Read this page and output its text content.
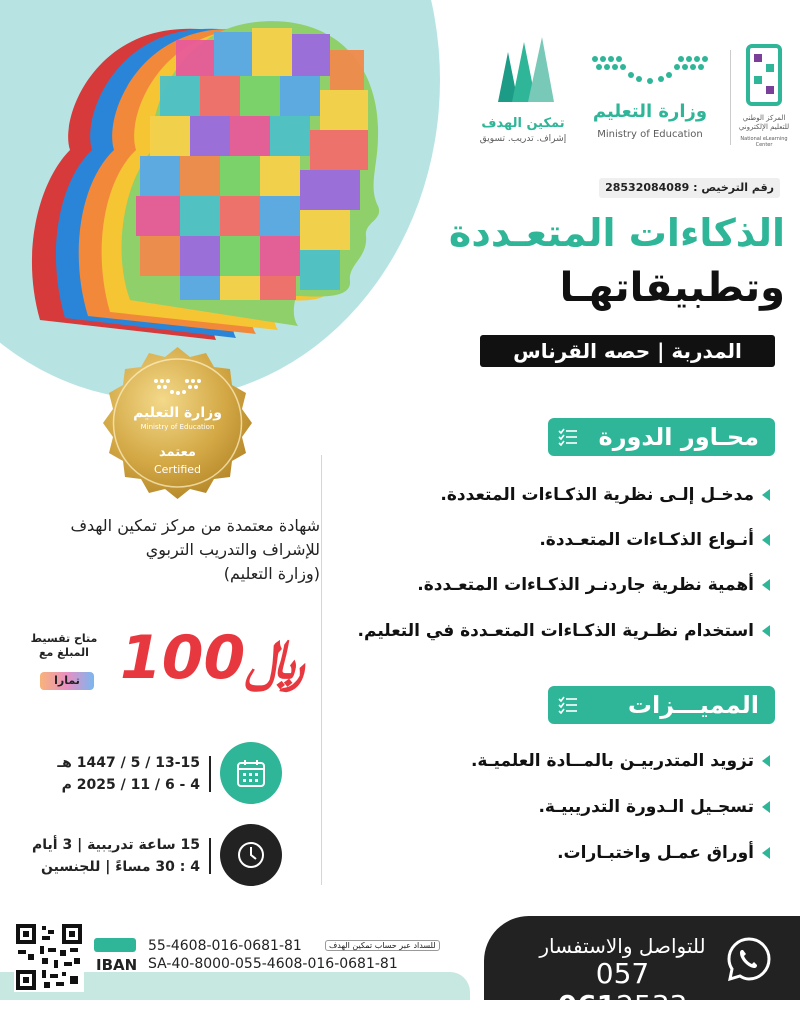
تمكين الهدف
إشراف. تدريب. تسويق
وزارة التعليم
Ministry of Education
المركز الوطني للتعليم الإلكتروني
National eLearning Center
رقم الترخيص : 28532084089
الذكاءات المتعـددة
وتطبيقاتهـا
المدربة | حصه القرناس
محـاور الدورة
مدخـل إلـى نظرية الذكـاءات المتعددة.
أنـواع الذكـاءات المتعـددة.
أهمية نظرية جاردنـر الذكـاءات المتعـددة.
استخدام نظـرية الذكـاءات المتعـددة في التعليم.
المميـــزات
تزويد المتدربيـن بالمــادة العلميـة.
تسجـيل الـدورة التدريبيـة.
أوراق عمـل واختبـارات.
وزارة التعليم
Ministry of Education
معتمد
Certified
شهادة معتمدة من مركز تمكين الهدف
للإشراف والتدريب التربوي
(وزارة التعليم)
﷼100
متاح تقسيط
المبلغ مع
تمارا
13-15 / 5 / 1447 هـ
4 - 6 / 11 / 2025 م
15 ساعة تدريبية | 3 أيام
4 : 30 مساءً | للجنسين
IBAN
55-4608-016-0681-81	للسداد عبر حساب تمكين الهدف
SA-40-8000-055-4608-016-0681-81
للتواصل والاستفسار
057 0612533
